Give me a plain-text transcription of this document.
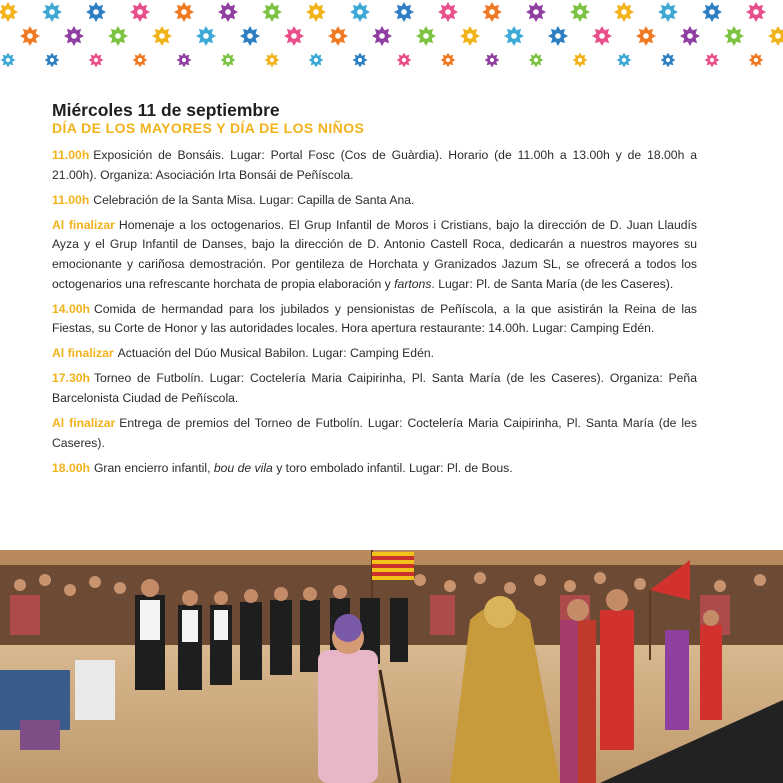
Miércoles 11 de septiembre
DÍA DE LOS MAYORES Y DÍA DE LOS NIÑOS

11.00h Exposición de Bonsáis. Lugar: Portal Fosc (Cos de Guàrdia). Horario (de 11.00h a 13.00h y de 18.00h a 21.00h). Organiza: Asociación Irta Bonsái de Peñíscola.

11.00h Celebración de la Santa Misa. Lugar: Capilla de Santa Ana.

Al finalizar Homenaje a los octogenarios. El Grup Infantil de Moros i Cristians, bajo la dirección de D. Juan Llaudís Ayza y el Grup Infantil de Danses, bajo la dirección de D. Antonio Castell Roca, dedicarán a nuestros mayores su emocionante y cariñosa demostración. Por gentileza de Horchata y Granizados Jazum SL, se ofrecerá a todos los octogenarios una refrescante horchata de propia elaboración y fartons. Lugar: Pl. de Santa María (de les Caseres).

14.00h Comida de hermandad para los jubilados y pensionistas de Peñíscola, a la que asistirán la Reina de las Fiestas, su Corte de Honor y las autoridades locales. Hora apertura restaurante: 14.00h. Lugar: Camping Edén.

Al finalizar Actuación del Dúo Musical Babilon. Lugar: Camping Edén.

17.30h Torneo de Futbolín. Lugar: Coctelería Maria Caipirinha, Pl. Santa María (de les Caseres). Organiza: Peña Barcelonista Ciudad de Peñíscola.

Al finalizar Entrega de premios del Torneo de Futbolín. Lugar: Coctelería Maria Caipirinha, Pl. Santa María (de les Caseres).

18.00h Gran encierro infantil, bou de vila y toro embolado infantil. Lugar: Pl. de Bous.
